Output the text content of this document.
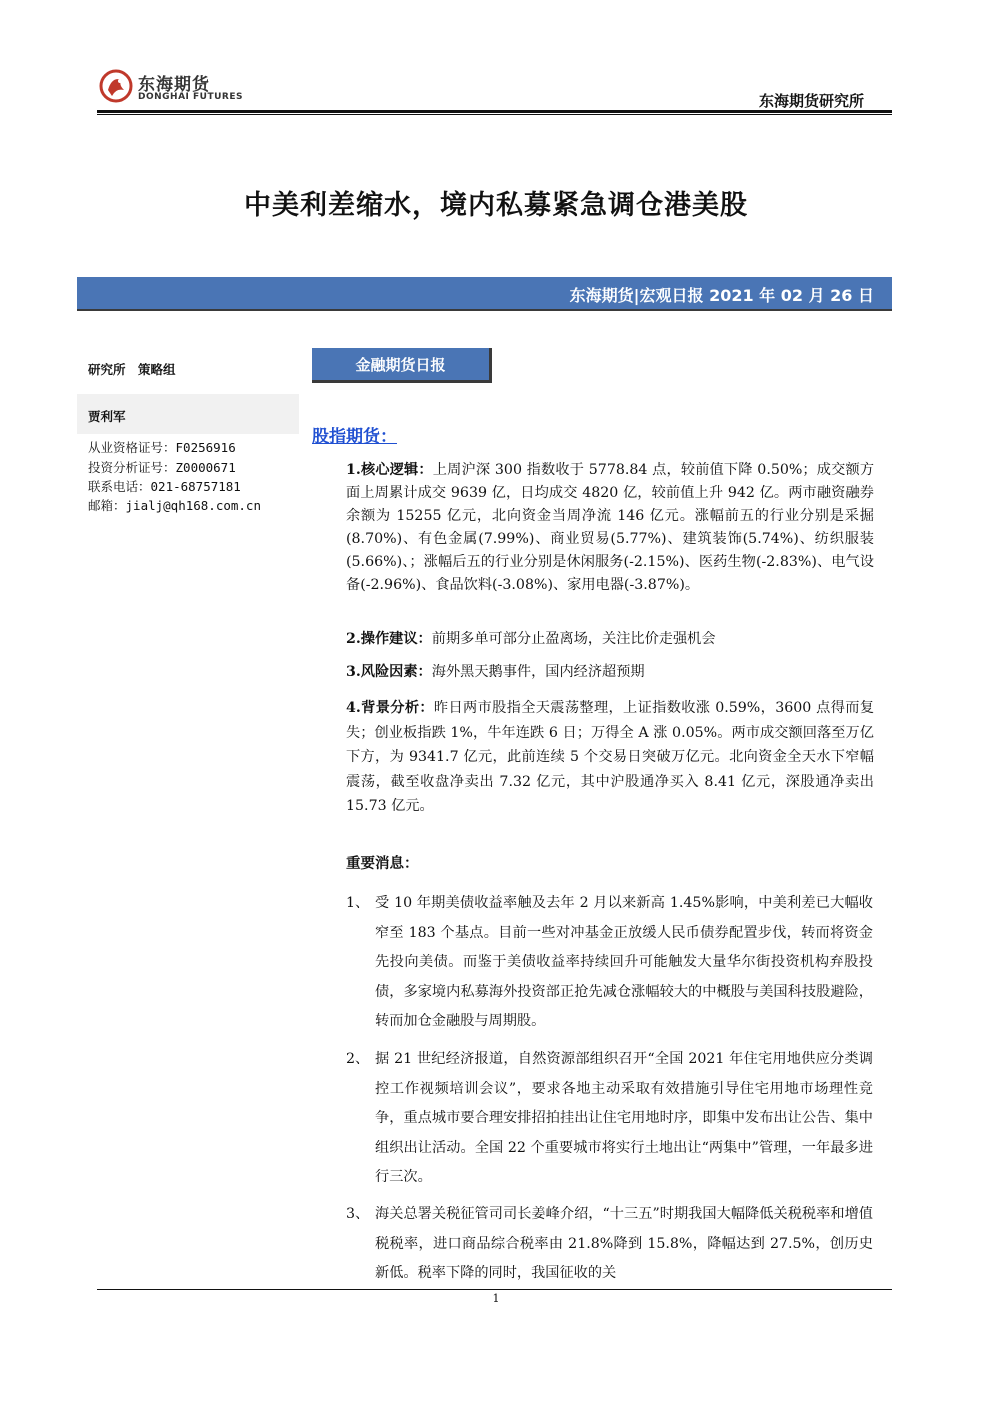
东海期货
DONGHAI FUTURES	东海期货研究所
中美利差缩水，境内私募紧急调仓港美股
东海期货|宏观日报 2021 年 02 月 26 日
研究所　策略组
贾利军
从业资格证号：F0256916
投资分析证号：Z0000671
联系电话：021-68757181
邮箱：jialj@qh168.com.cn
金融期货日报
股指期货：
1.核心逻辑：上周沪深 300 指数收于 5778.84 点，较前值下降 0.50%；成交额方面上周累计成交 9639 亿，日均成交 4820 亿，较前值上升 942 亿。两市融资融券余额为 15255 亿元，北向资金当周净流 146 亿元。涨幅前五的行业分别是采掘(8.70%)、有色金属(7.99%)、商业贸易(5.77%)、建筑装饰(5.74%)、纺织服装(5.66%)、；涨幅后五的行业分别是休闲服务(-2.15%)、医药生物(-2.83%)、电气设备(-2.96%)、食品饮料(-3.08%)、家用电器(-3.87%)。
2.操作建议：前期多单可部分止盈离场，关注比价走强机会
3.风险因素：海外黑天鹅事件，国内经济超预期
4.背景分析：昨日两市股指全天震荡整理，上证指数收涨 0.59%，3600 点得而复失；创业板指跌 1%，牛年连跌 6 日；万得全 A 涨 0.05%。两市成交额回落至万亿下方，为 9341.7 亿元，此前连续 5 个交易日突破万亿元。北向资金全天水下窄幅震荡，截至收盘净卖出 7.32 亿元，其中沪股通净买入 8.41 亿元，深股通净卖出 15.73 亿元。
重要消息：
1、 受 10 年期美债收益率触及去年 2 月以来新高 1.45%影响，中美利差已大幅收窄至 183 个基点。目前一些对冲基金正放缓人民币债券配置步伐，转而将资金先投向美债。而鉴于美债收益率持续回升可能触发大量华尔街投资机构弃股投债，多家境内私募海外投资部正抢先减仓涨幅较大的中概股与美国科技股避险，转而加仓金融股与周期股。
2、 据 21 世纪经济报道，自然资源部组织召开“全国 2021 年住宅用地供应分类调控工作视频培训会议”，要求各地主动采取有效措施引导住宅用地市场理性竞争，重点城市要合理安排招拍挂出让住宅用地时序，即集中发布出让公告、集中组织出让活动。全国 22 个重要城市将实行土地出让“两集中”管理，一年最多进行三次。
3、 海关总署关税征管司司长姜峰介绍，“十三五”时期我国大幅降低关税税率和增值税税率，进口商品综合税率由 21.8%降到 15.8%，降幅达到 27.5%，创历史新低。税率下降的同时，我国征收的关
1
